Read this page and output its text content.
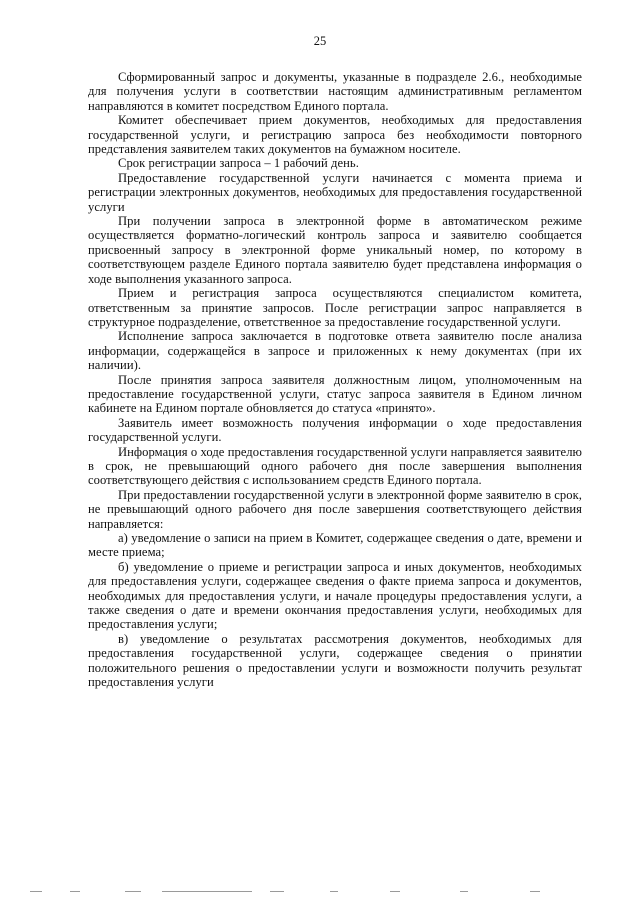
25

Сформированный запрос и документы, указанные в подразделе 2.6., необходимые для получения услуги в соответствии настоящим административным регламентом направляются в комитет посредством Единого портала.

Комитет обеспечивает прием документов, необходимых для предоставления государственной услуги, и регистрацию запроса без необходимости повторного представления заявителем таких документов на бумажном носителе.

Срок регистрации запроса – 1 рабочий день.

Предоставление государственной услуги начинается с момента приема и регистрации электронных документов, необходимых для предоставления государственной услуги

При получении запроса в электронной форме в автоматическом режиме осуществляется форматно-логический контроль запроса и заявителю сообщается присвоенный запросу в электронной форме уникальный номер, по которому в соответствующем разделе Единого портала заявителю будет представлена информация о ходе выполнения указанного запроса.

Прием и регистрация запроса осуществляются специалистом комитета, ответственным за принятие запросов. После регистрации запрос направляется в структурное подразделение, ответственное за предоставление государственной услуги.

Исполнение запроса заключается в подготовке ответа заявителю после анализа информации, содержащейся в запросе и приложенных к нему документах (при их наличии).

После принятия запроса заявителя должностным лицом, уполномоченным на предоставление государственной услуги, статус запроса заявителя в Едином личном кабинете на Едином портале обновляется до статуса «принято».

Заявитель имеет возможность получения информации о ходе предоставления государственной услуги.

Информация о ходе предоставления государственной услуги направляется заявителю в срок, не превышающий одного рабочего дня после завершения выполнения соответствующего действия с использованием средств Единого портала.

При предоставлении государственной услуги в электронной форме заявителю в срок, не превышающий одного рабочего дня после завершения соответствующего действия направляется:

а) уведомление о записи на прием в Комитет, содержащее сведения о дате, времени и месте приема;

б) уведомление о приеме и регистрации запроса и иных документов, необходимых для предоставления услуги, содержащее сведения о факте приема запроса и документов, необходимых для предоставления услуги, и начале процедуры предоставления услуги, а также сведения о дате и времени окончания предоставления услуги, необходимых для предоставления услуги;

в) уведомление о результатах рассмотрения документов, необходимых для предоставления государственной услуги, содержащее сведения о принятии положительного решения о предоставлении услуги и возможности получить результат предоставления услуги
